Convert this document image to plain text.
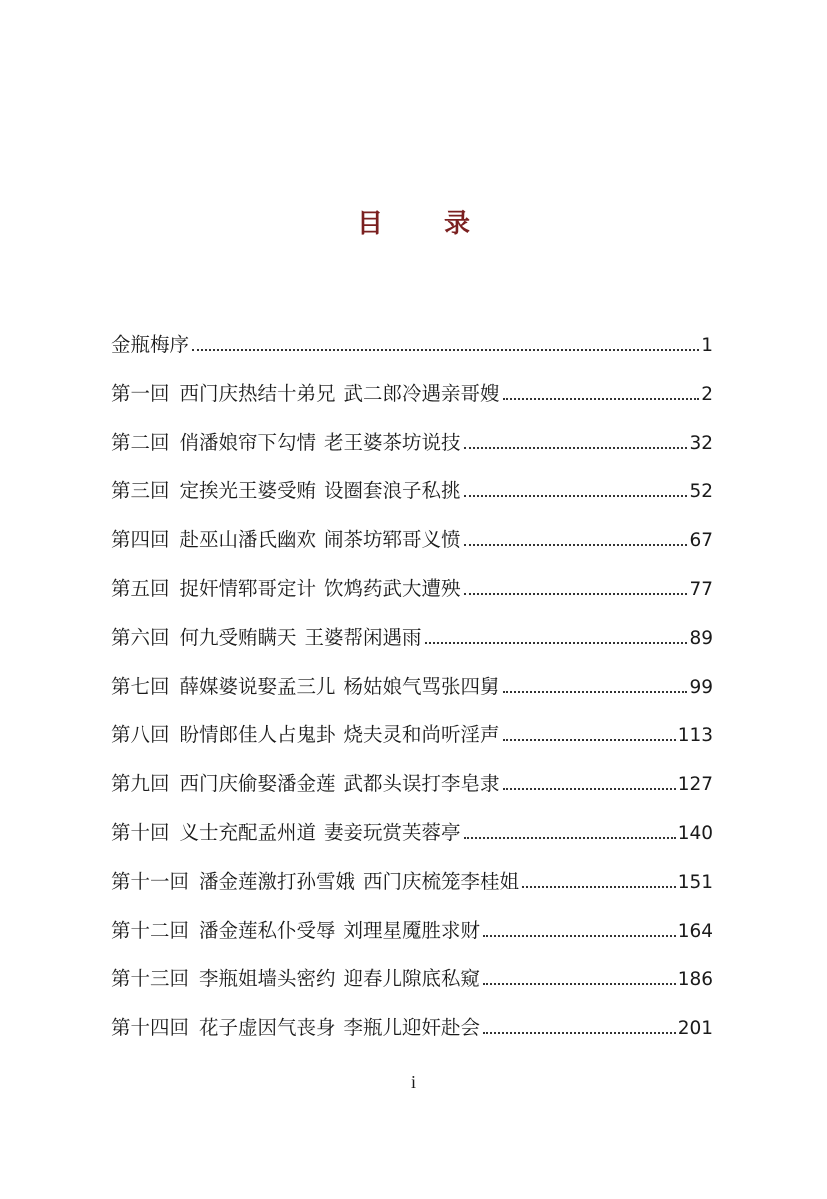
目 录
金瓶梅序	1
第一回 西门庆热结十弟兄 武二郎冷遇亲哥嫂	2
第二回 俏潘娘帘下勾情 老王婆茶坊说技	32
第三回 定挨光王婆受贿 设圈套浪子私挑	52
第四回 赴巫山潘氏幽欢 闹茶坊郓哥义愤	67
第五回 捉奸情郓哥定计 饮鸩药武大遭殃	77
第六回 何九受贿瞒天 王婆帮闲遇雨	89
第七回 薛媒婆说娶孟三儿 杨姑娘气骂张四舅	99
第八回 盼情郎佳人占鬼卦 烧夫灵和尚听淫声	113
第九回 西门庆偷娶潘金莲 武都头误打李皂隶	127
第十回 义士充配孟州道 妻妾玩赏芙蓉亭	140
第十一回 潘金莲激打孙雪娥 西门庆梳笼李桂姐	151
第十二回 潘金莲私仆受辱 刘理星魇胜求财	164
第十三回 李瓶姐墙头密约 迎春儿隙底私窥	186
第十四回 花子虚因气丧身 李瓶儿迎奸赴会	201
i
